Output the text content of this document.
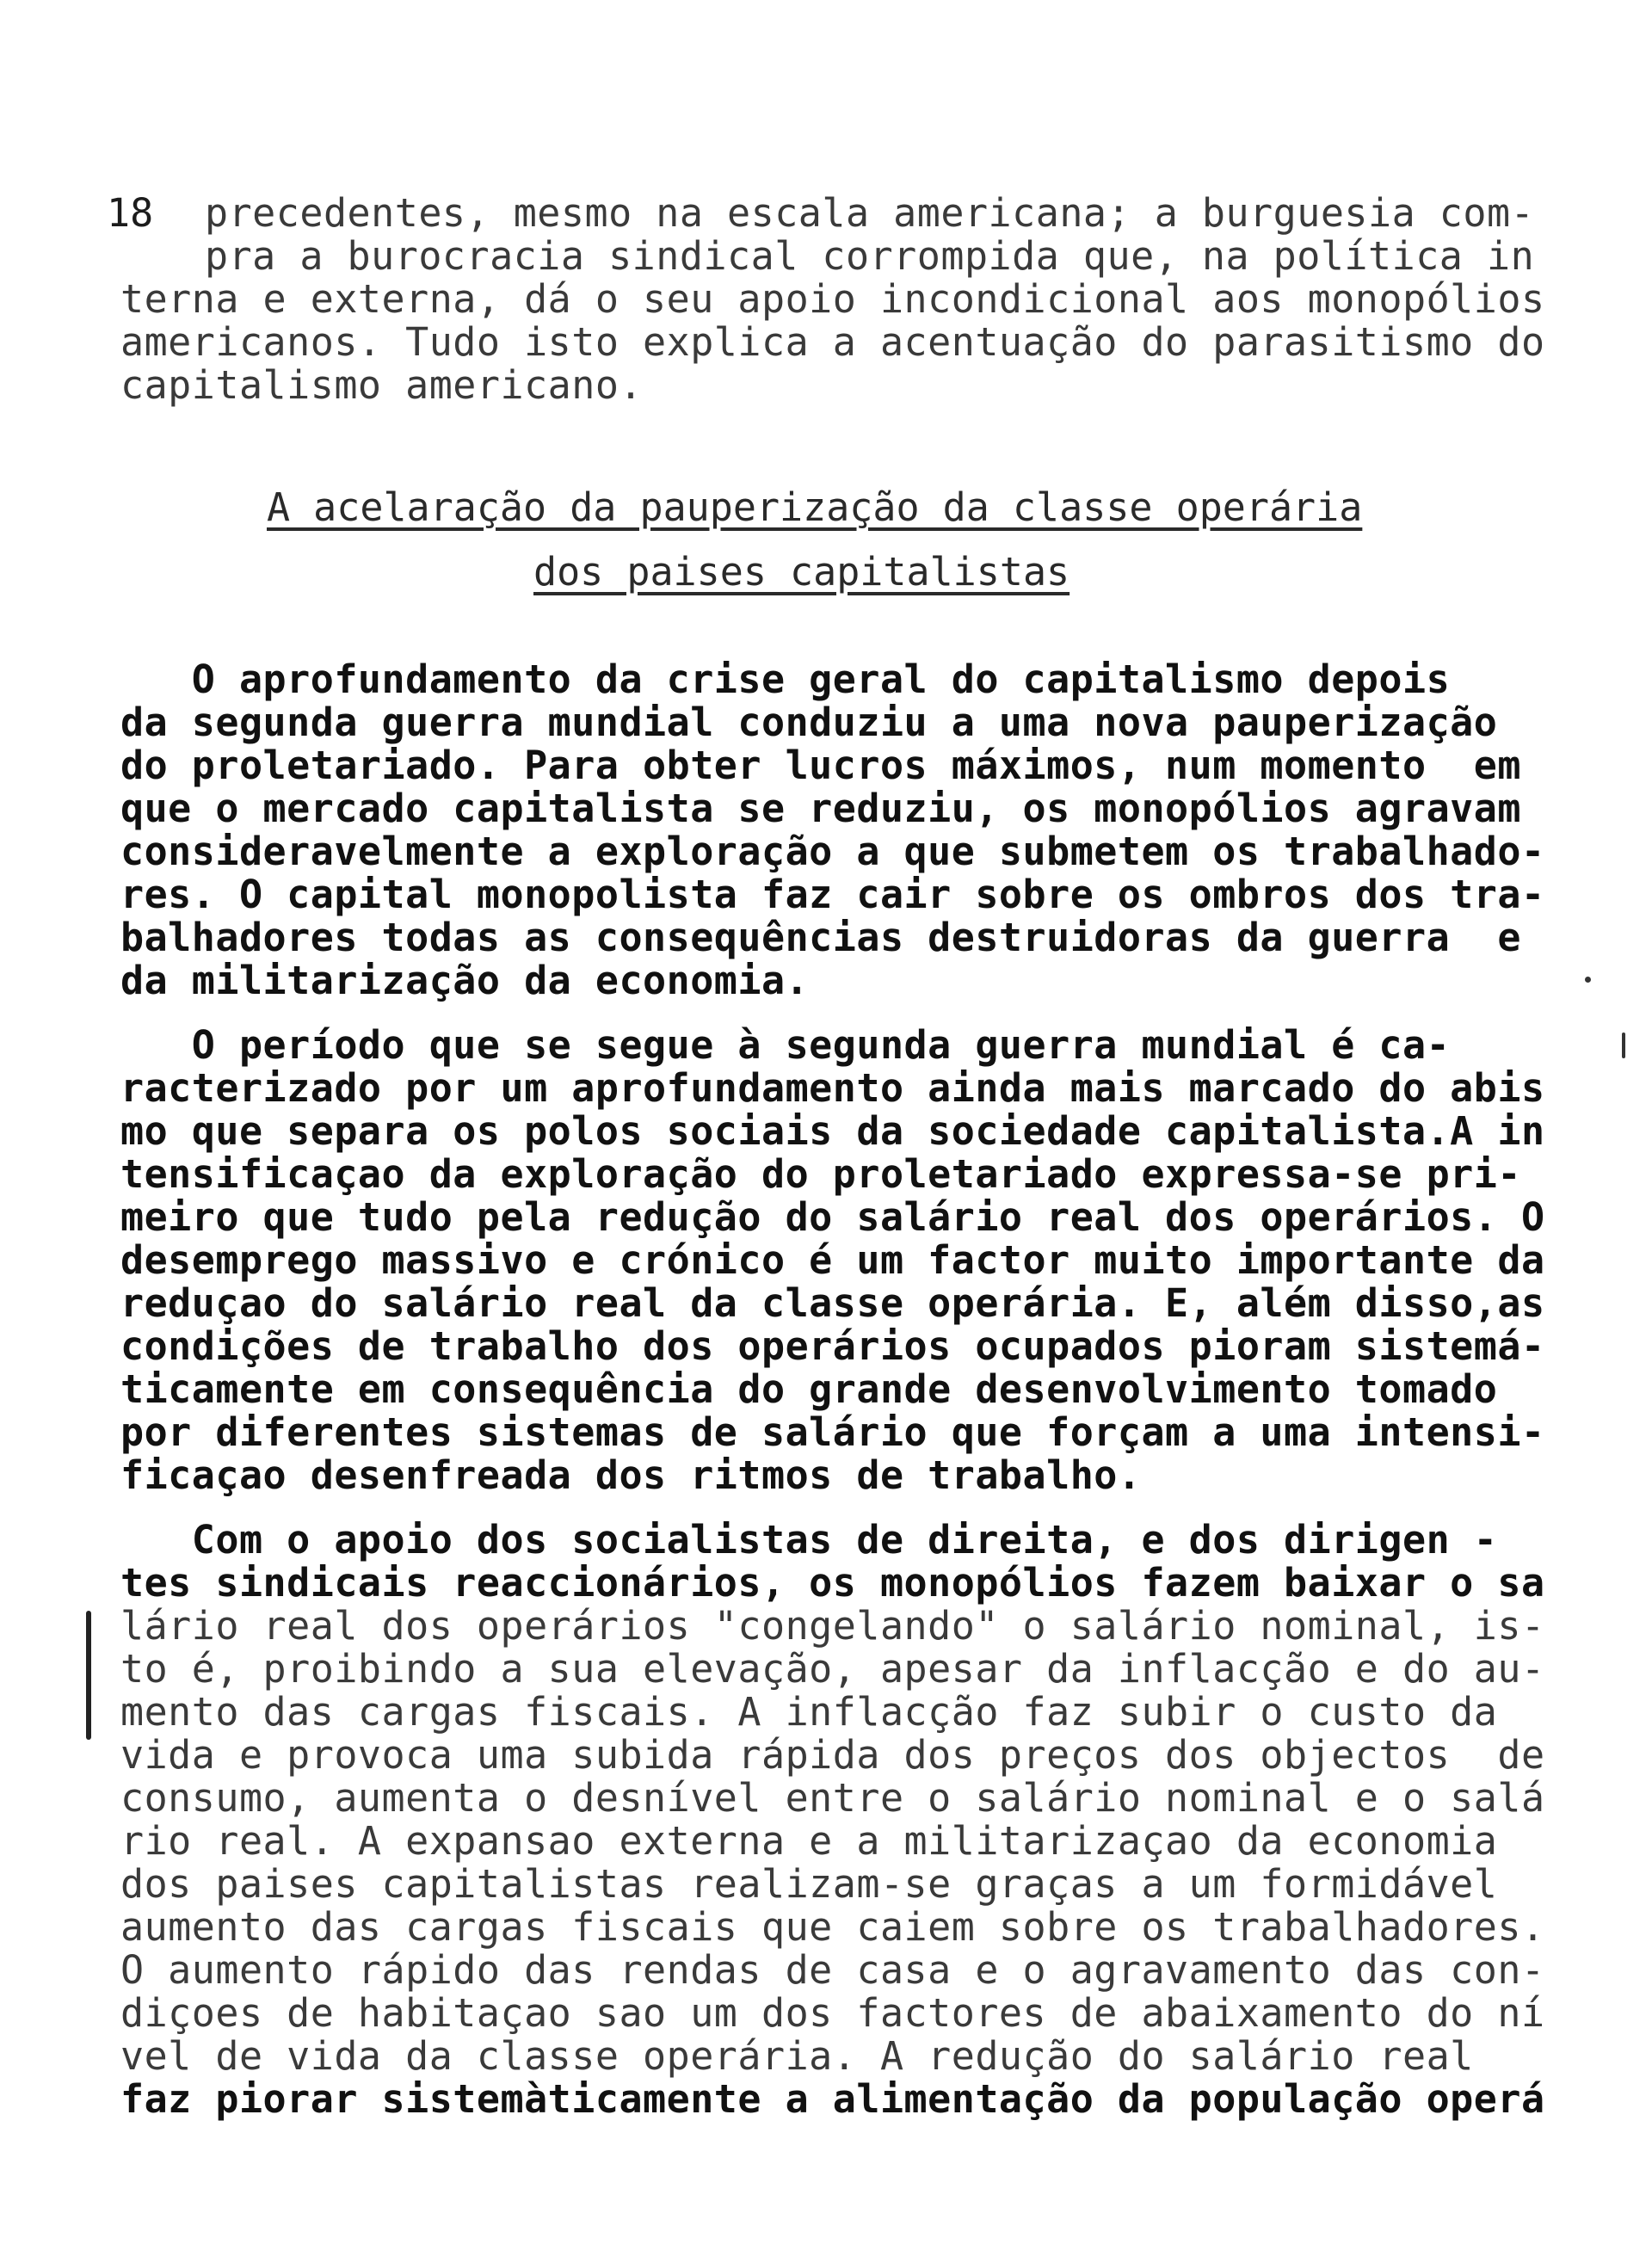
18 precedentes, mesmo na escala americana; a burguesia com-
pra a burocracia sindical corrompida que, na política in
terna e externa, dá o seu apoio incondicional aos monopólios
americanos. Tudo isto explica a acentuação do parasitismo do
capitalismo americano.
A acelaração da pauperização da classe operária
dos paises capitalistas
O aprofundamento da crise geral do capitalismo depois
da segunda guerra mundial conduziu a uma nova pauperização
do proletariado. Para obter lucros máximos, num momento  em
que o mercado capitalista se reduziu, os monopólios agravam
consideravelmente a exploração a que submetem os trabalhado-
res. O capital monopolista faz cair sobre os ombros dos tra-
balhadores todas as consequências destruidoras da guerra  e
da militarização da economia.
O período que se segue à segunda guerra mundial é ca-
racterizado por um aprofundamento ainda mais marcado do abis
mo que separa os polos sociais da sociedade capitalista.A in
tensificaçao da exploração do proletariado expressa-se pri-
meiro que tudo pela redução do salário real dos operários. O
desemprego massivo e crónico é um factor muito importante da
reduçao do salário real da classe operária. E, além disso,as
condições de trabalho dos operários ocupados pioram sistemá-
ticamente em consequência do grande desenvolvimento tomado
por diferentes sistemas de salário que forçam a uma intensi-
ficaçao desenfreada dos ritmos de trabalho.
Com o apoio dos socialistas de direita, e dos dirigen -
tes sindicais reaccionários, os monopólios fazem baixar o sa
lário real dos operários "congelando" o salário nominal, is-
to é, proibindo a sua elevação, apesar da inflacção e do au-
mento das cargas fiscais. A inflacção faz subir o custo da
vida e provoca uma subida rápida dos preços dos objectos  de
consumo, aumenta o desnível entre o salário nominal e o salá
rio real. A expansao externa e a militarizaçao da economia
dos paises capitalistas realizam-se graças a um formidável
aumento das cargas fiscais que caiem sobre os trabalhadores.
O aumento rápido das rendas de casa e o agravamento das con-
diçoes de habitaçao sao um dos factores de abaixamento do ní
vel de vida da classe operária. A redução do salário real
faz piorar sistemàticamente a alimentação da população operá
